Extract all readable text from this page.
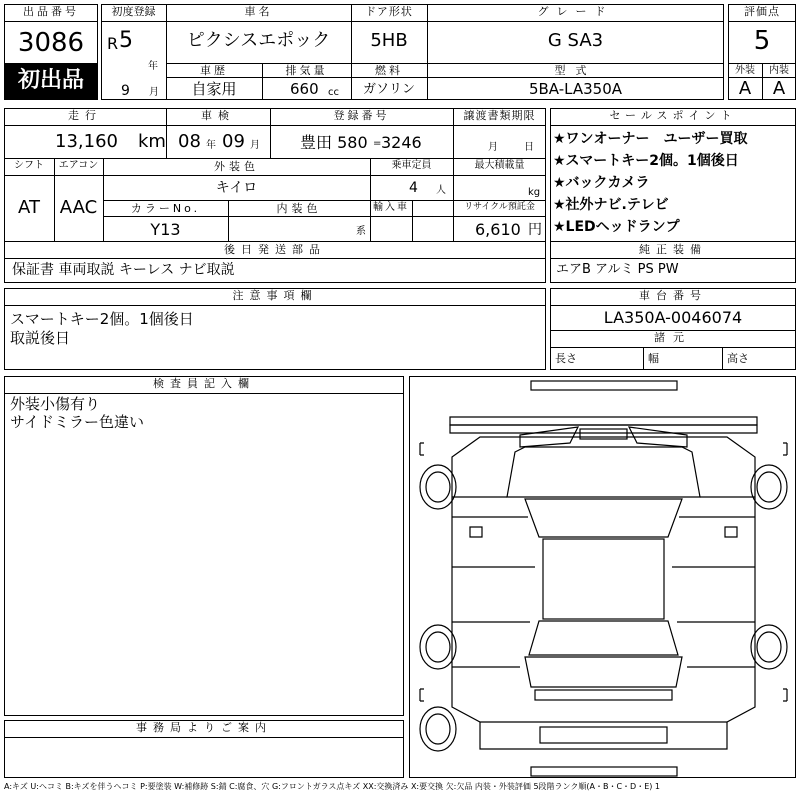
出品番号
3086
初出品
初度登録
R 5
年
9 月
車名
ピクシスエポック
ドア形状
5HB
グレード
G SA3
車歴
自家用
排気量
660 cc
燃料
ガソリン
型式
5BA-LA350A
評価点
5
外装	内装
A	A
走行
13,160 km
車検
08 年 09 月
登録番号
豊田 580 = 3246
譲渡書類期限
月	日
シフト
AT
エアコン
AAC
外装色
キイロ
乗車定員
4 人
最大積載量
kg
カラーNo.
Y13
内装色
系
輸入車	リサイクル預託金
6,610 円
後日発送部品
保証書 車両取説 キーレス ナビ取説
セールスポイント
★ワンオーナー　ユーザー買取
★スマートキー2個。1個後日
★バックカメラ
★社外ナビ.テレビ
★LEDヘッドランプ
純正装備
エアB アルミ PS PW
注意事項欄
スマートキー2個。1個後日
取説後日
車台番号
LA350A-0046074
諸元
長さ	幅	高さ
検査員記入欄
外装小傷有り
サイドミラー色違い
事務局よりご案内
A:キズ U:ヘコミ B:キズを伴うヘコミ P:要塗装 W:補修跡 S:錆 C:腐食、穴 G:フロントガラス点キズ XX:交換済み X:要交換 欠:欠品 内装・外装評価 5段階ランク順(A・B・C・D・E) 1
